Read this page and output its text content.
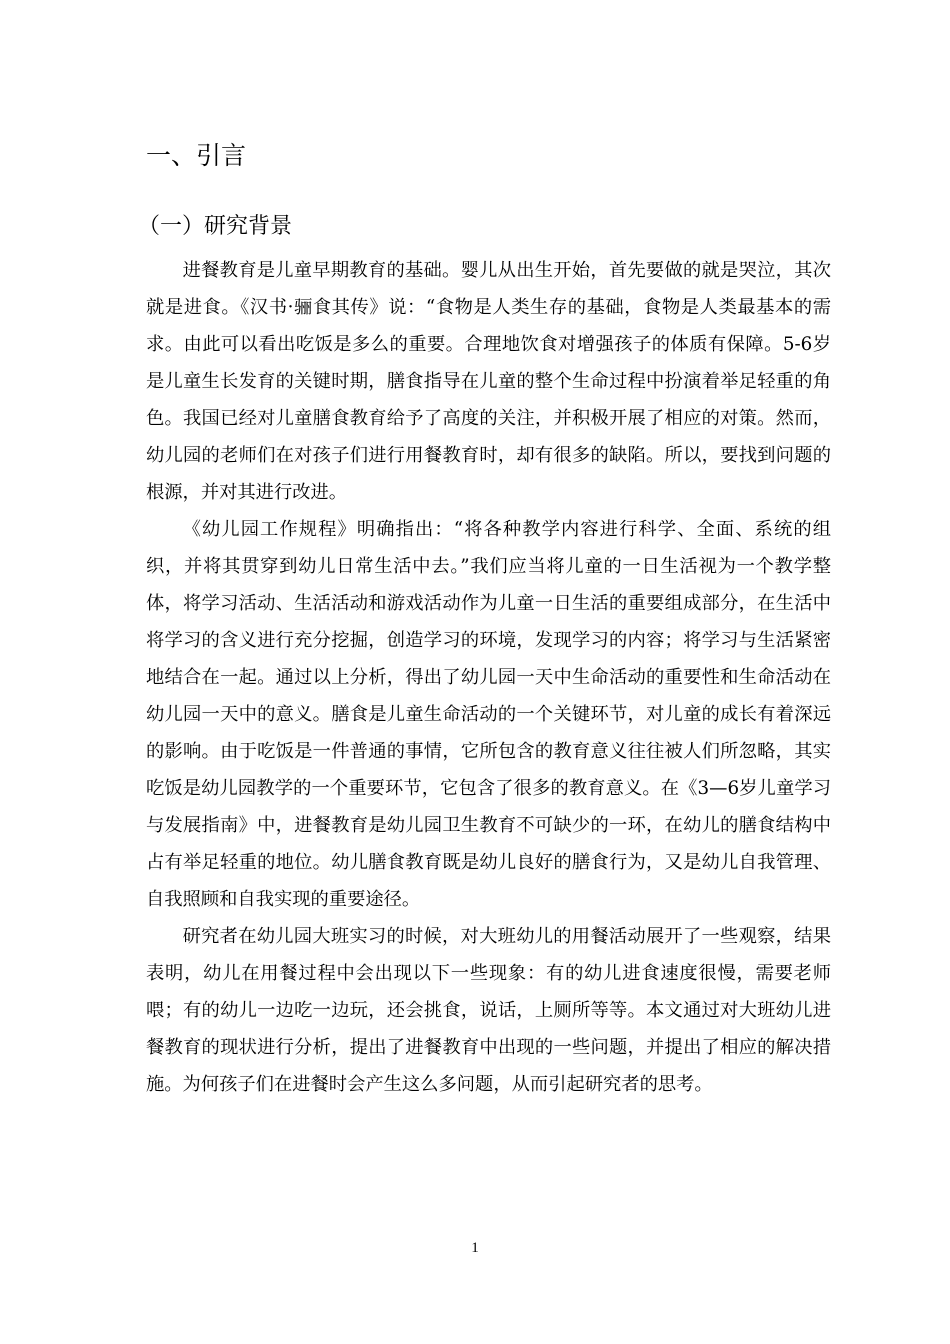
一、引言
（一）研究背景

进餐教育是儿童早期教育的基础。婴儿从出生开始，首先要做的就是哭泣，其次就是进食。《汉书·骊食其传》说：“食物是人类生存的基础，食物是人类最基本的需求。由此可以看出吃饭是多么的重要。合理地饮食对增强孩子的体质有保障。5-6岁是儿童生长发育的关键时期，膳食指导在儿童的整个生命过程中扮演着举足轻重的角色。我国已经对儿童膳食教育给予了高度的关注，并积极开展了相应的对策。然而，幼儿园的老师们在对孩子们进行用餐教育时，却有很多的缺陷。所以，要找到问题的根源，并对其进行改进。

《幼儿园工作规程》明确指出：“将各种教学内容进行科学、全面、系统的组织，并将其贯穿到幼儿日常生活中去。”我们应当将儿童的一日生活视为一个教学整体，将学习活动、生活活动和游戏活动作为儿童一日生活的重要组成部分，在生活中将学习的含义进行充分挖掘，创造学习的环境，发现学习的内容；将学习与生活紧密地结合在一起。通过以上分析，得出了幼儿园一天中生命活动的重要性和生命活动在幼儿园一天中的意义。膳食是儿童生命活动的一个关键环节，对儿童的成长有着深远的影响。由于吃饭是一件普通的事情，它所包含的教育意义往往被人们所忽略，其实吃饭是幼儿园教学的一个重要环节，它包含了很多的教育意义。在《3—6岁儿童学习与发展指南》中，进餐教育是幼儿园卫生教育不可缺少的一环，在幼儿的膳食结构中占有举足轻重的地位。幼儿膳食教育既是幼儿良好的膳食行为，又是幼儿自我管理、自我照顾和自我实现的重要途径。

研究者在幼儿园大班实习的时候，对大班幼儿的用餐活动展开了一些观察，结果表明，幼儿在用餐过程中会出现以下一些现象：有的幼儿进食速度很慢，需要老师喂；有的幼儿一边吃一边玩，还会挑食，说话，上厕所等等。本文通过对大班幼儿进餐教育的现状进行分析，提出了进餐教育中出现的一些问题，并提出了相应的解决措施。为何孩子们在进餐时会产生这么多问题，从而引起研究者的思考。

1
